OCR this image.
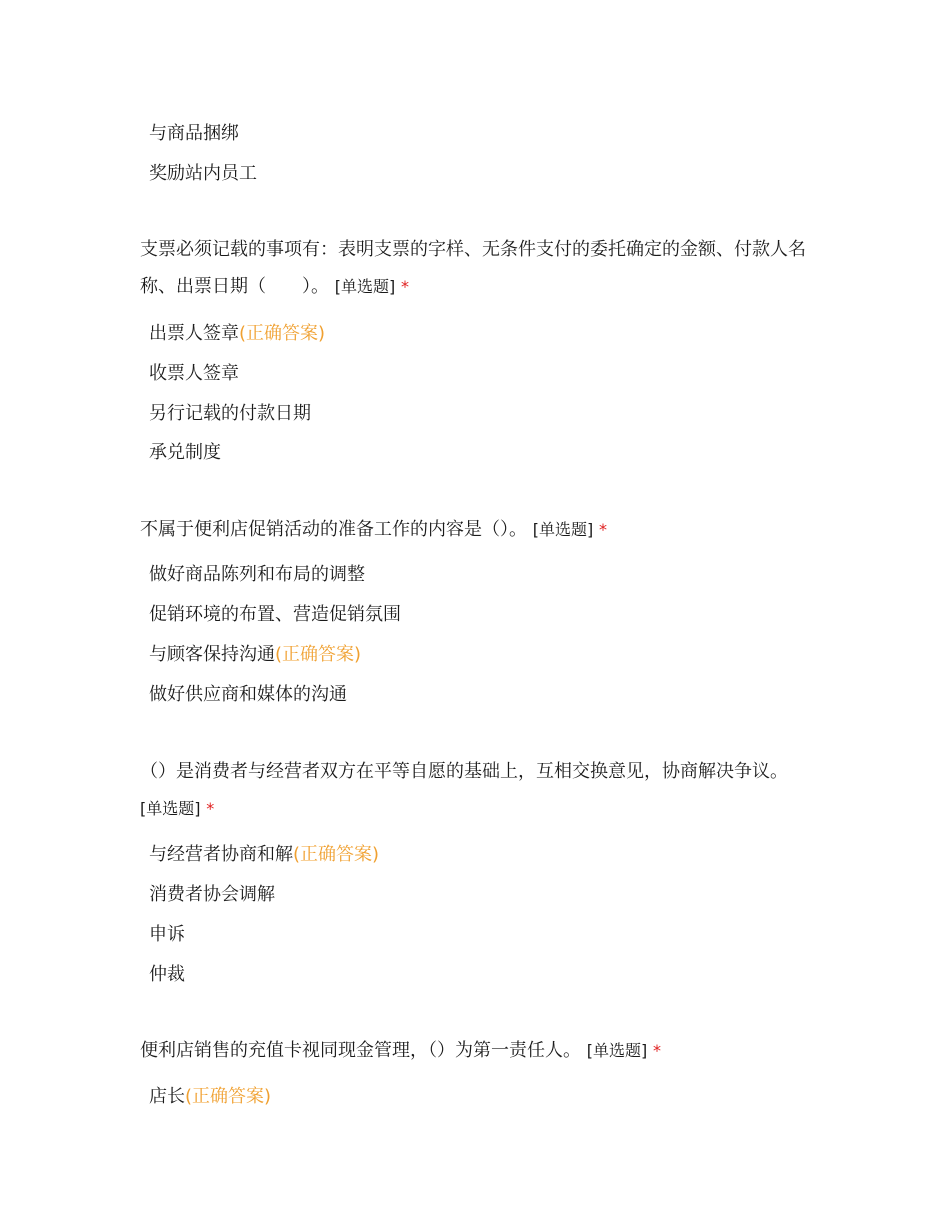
与商品捆绑
奖励站内员工
支票必须记载的事项有：表明支票的字样、无条件支付的委托确定的金额、付款人名称、出票日期（　　）。 [单选题] *
出票人签章(正确答案)
收票人签章
另行记载的付款日期
承兑制度
不属于便利店促销活动的准备工作的内容是（）。 [单选题] *
做好商品陈列和布局的调整
促销环境的布置、营造促销氛围
与顾客保持沟通(正确答案)
做好供应商和媒体的沟通
（）是消费者与经营者双方在平等自愿的基础上，互相交换意见，协商解决争议。 [单选题] *
与经营者协商和解(正确答案)
消费者协会调解
申诉
仲裁
便利店销售的充值卡视同现金管理，（）为第一责任人。 [单选题] *
店长(正确答案)
